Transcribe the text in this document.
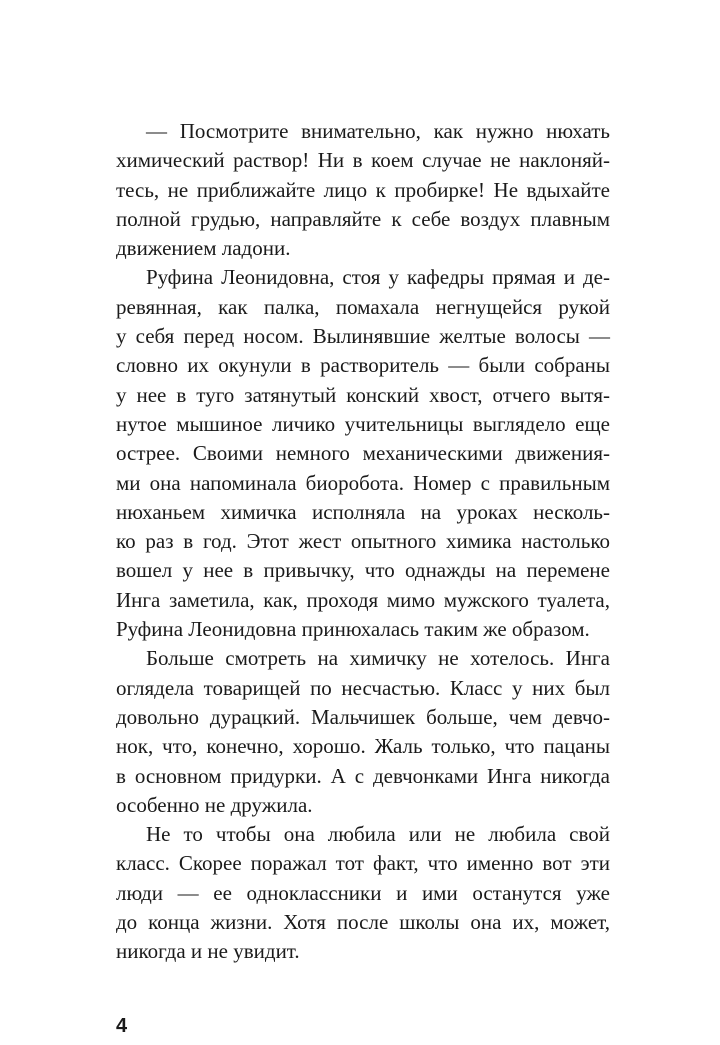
— Посмотрите внимательно, как нужно нюхать
химический раствор! Ни в коем случае не наклоняй-
тесь, не приближайте лицо к пробирке! Не вдыхайте
полной грудью, направляйте к себе воздух плавным
движением ладони.

Руфина Леонидовна, стоя у кафедры прямая и де-
ревянная, как палка, помахала негнущейся рукой
у себя перед носом. Вылинявшие желтые волосы —
словно их окунули в растворитель — были собраны
у нее в туго затянутый конский хвост, отчего вытя-
нутое мышиное личико учительницы выглядело еще
острее. Своими немного механическими движения-
ми она напоминала биоробота. Номер с правильным
нюханьем химичка исполняла на уроках несколь-
ко раз в год. Этот жест опытного химика настолько
вошел у нее в привычку, что однажды на перемене
Инга заметила, как, проходя мимо мужского туалета,
Руфина Леонидовна принюхалась таким же образом.

Больше смотреть на химичку не хотелось. Инга
оглядела товарищей по несчастью. Класс у них был
довольно дурацкий. Мальчишек больше, чем девчо-
нок, что, конечно, хорошо. Жаль только, что пацаны
в основном придурки. А с девчонками Инга никогда
особенно не дружила.

Не то чтобы она любила или не любила свой
класс. Скорее поражал тот факт, что именно вот эти
люди — ее одноклассники и ими останутся уже
до конца жизни. Хотя после школы она их, может,
никогда и не увидит.

4
